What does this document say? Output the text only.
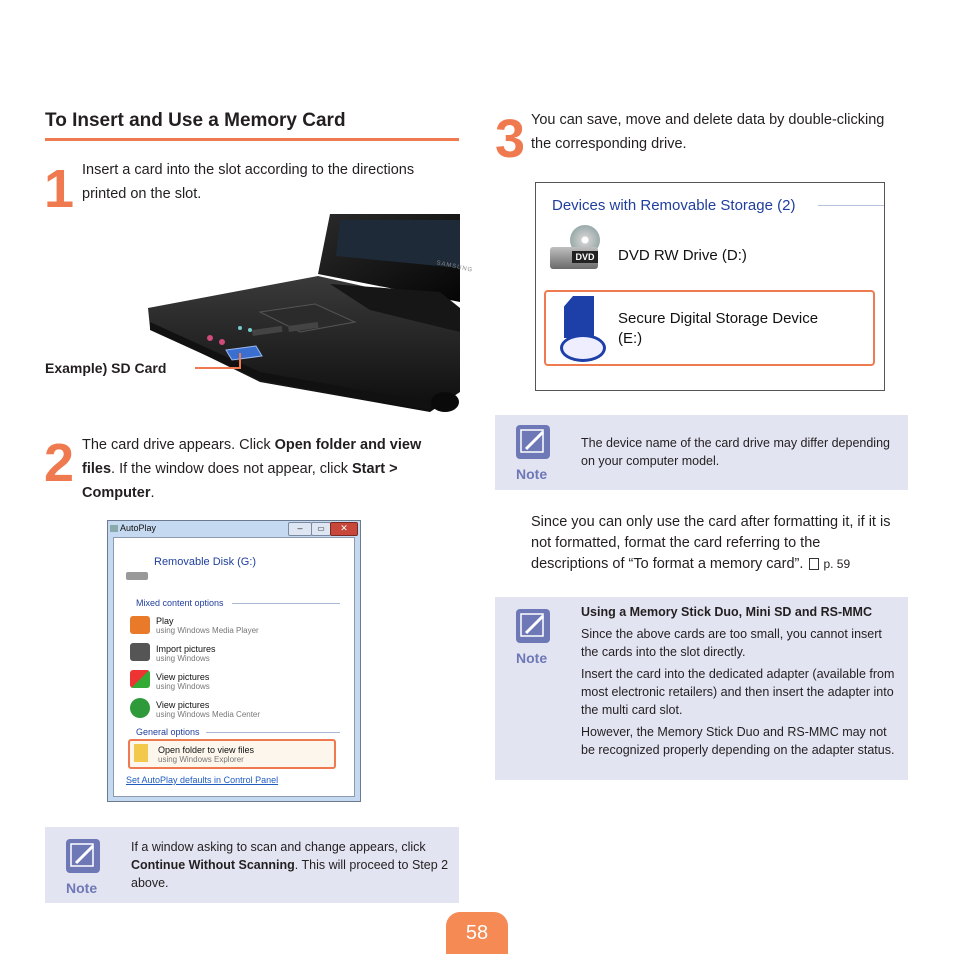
To Insert and Use a Memory Card
1 Insert a card into the slot according to the directions printed on the slot.
SAMSUNG
Example) SD Card
2 The card drive appears. Click Open folder and view files. If the window does not appear, click Start > Computer.
AutoPlay	–	▭	✕
Removable Disk (G:)
Mixed content options
Play
using Windows Media Player
Import pictures
using Windows
View pictures
using Windows
View pictures
using Windows Media Center
General options
Open folder to view files
using Windows Explorer
Set AutoPlay defaults in Control Panel
Note
If a window asking to scan and change appears, click Continue Without Scanning. This will proceed to Step 2 above.
3 You can save, move and delete data by double-clicking the corresponding drive.
Devices with Removable Storage (2)
DVD DVD RW Drive (D:)
Secure Digital Storage Device
(E:)
Note
The device name of the card drive may differ depending on your computer model.
Since you can only use the card after formatting it, if it is not formatted, format the card referring to the descriptions of “To format a memory card”. p. 59
Note
Using a Memory Stick Duo, Mini SD and RS-MMC
Since the above cards are too small, you cannot insert the cards into the slot directly.
Insert the card into the dedicated adapter (available from most electronic retailers) and then insert the adapter into the multi card slot.
However, the Memory Stick Duo and RS-MMC may not be recognized properly depending on the adapter status.
58
